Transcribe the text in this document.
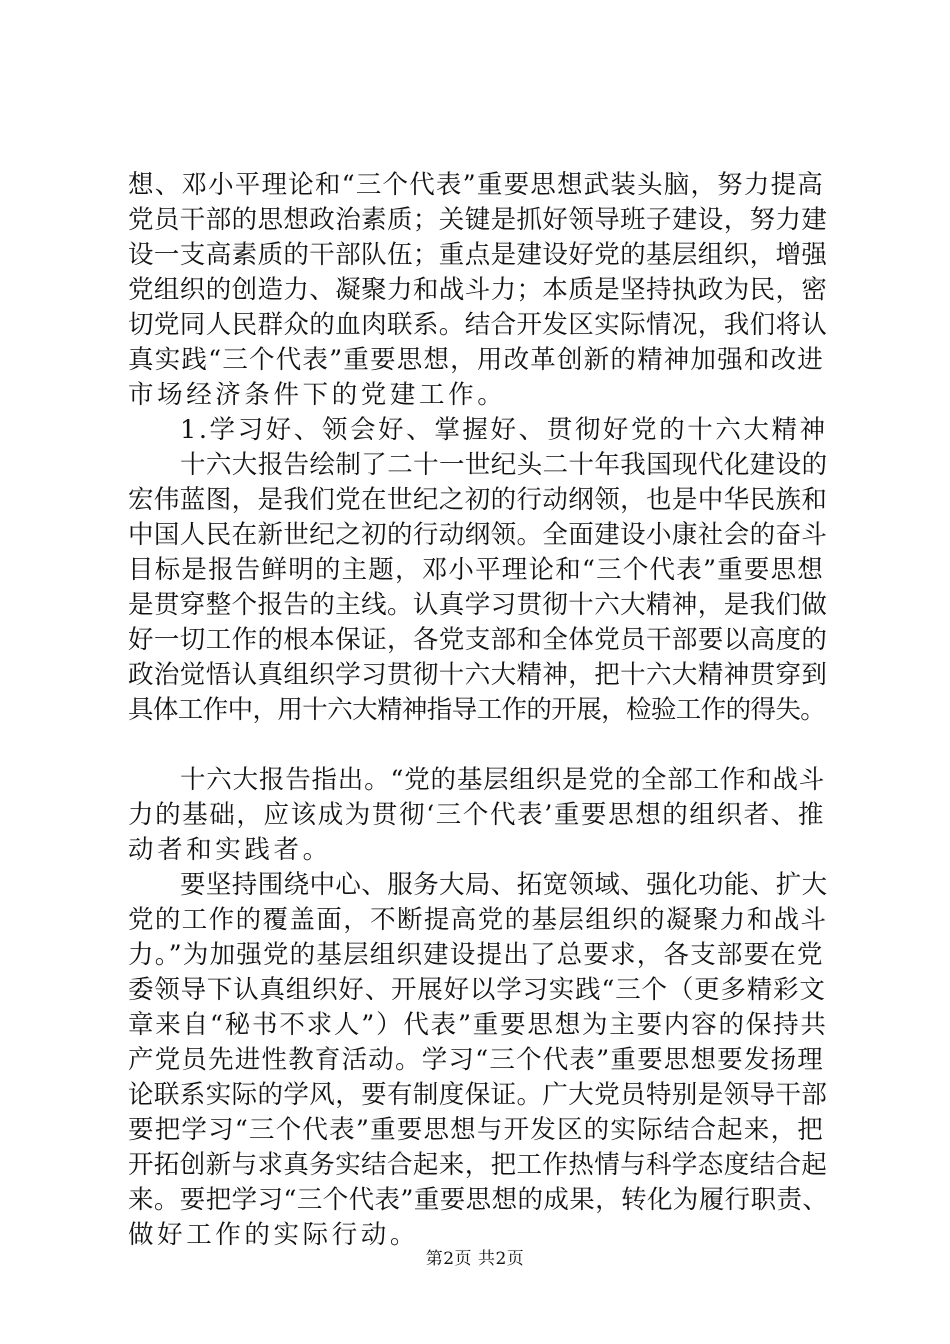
想、邓小平理论和“三个代表”重要思想武装头脑，努力提高
党员干部的思想政治素质；关键是抓好领导班子建设，努力建
设一支高素质的干部队伍；重点是建设好党的基层组织，增强
党组织的创造力、凝聚力和战斗力；本质是坚持执政为民，密
切党同人民群众的血肉联系。结合开发区实际情况，我们将认
真实践“三个代表”重要思想，用改革创新的精神加强和改进
市场经济条件下的党建工作。
1.学习好、领会好、掌握好、贯彻好党的十六大精神
十六大报告绘制了二十一世纪头二十年我国现代化建设的
宏伟蓝图，是我们党在世纪之初的行动纲领，也是中华民族和
中国人民在新世纪之初的行动纲领。全面建设小康社会的奋斗
目标是报告鲜明的主题，邓小平理论和“三个代表”重要思想
是贯穿整个报告的主线。认真学习贯彻十六大精神，是我们做
好一切工作的根本保证，各党支部和全体党员干部要以高度的
政治觉悟认真组织学习贯彻十六大精神，把十六大精神贯穿到
具体工作中，用十六大精神指导工作的开展，检验工作的得失。
十六大报告指出。“党的基层组织是党的全部工作和战斗
力的基础，应该成为贯彻‘三个代表’重要思想的组织者、推
动者和实践者。
要坚持围绕中心、服务大局、拓宽领域、强化功能、扩大
党的工作的覆盖面，不断提高党的基层组织的凝聚力和战斗
力。”为加强党的基层组织建设提出了总要求，各支部要在党
委领导下认真组织好、开展好以学习实践“三个（更多精彩文
章来自“秘书不求人”）代表”重要思想为主要内容的保持共
产党员先进性教育活动。学习“三个代表”重要思想要发扬理
论联系实际的学风，要有制度保证。广大党员特别是领导干部
要把学习“三个代表”重要思想与开发区的实际结合起来，把
开拓创新与求真务实结合起来，把工作热情与科学态度结合起
来。要把学习“三个代表”重要思想的成果，转化为履行职责、
做好工作的实际行动。
第2页 共2页
